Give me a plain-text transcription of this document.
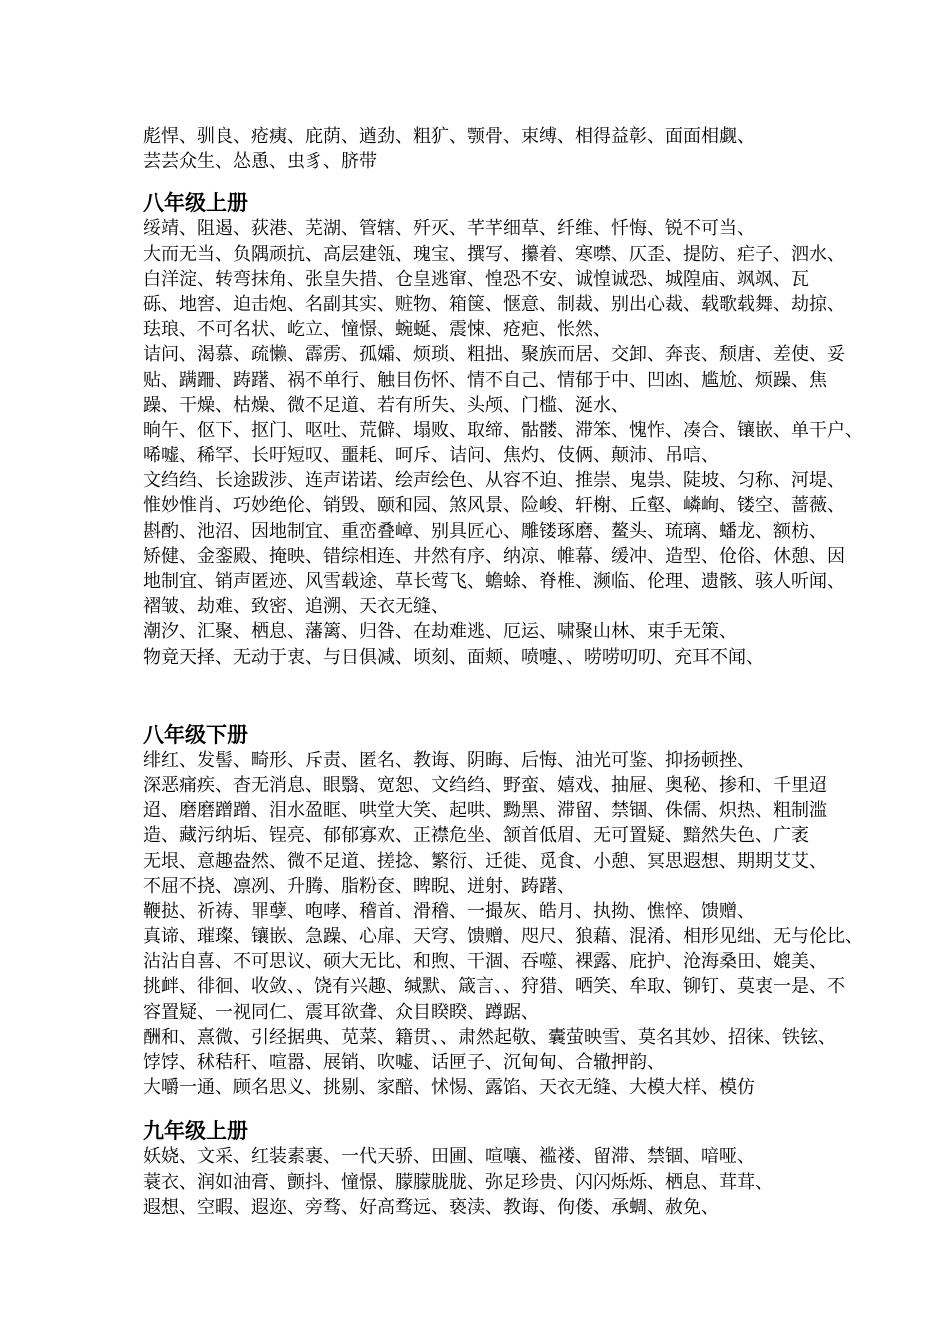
彪悍、驯良、疮痍、庇荫、遒劲、粗犷、颚骨、束缚、相得益彰、面面相觑、
芸芸众生、怂恿、虫豸、脐带
八年级上册
绥靖、阻遏、荻港、芜湖、管辖、歼灭、芊芊细草、纤维、忏悔、锐不可当、
大而无当、负隅顽抗、高层建瓴、瑰宝、撰写、攥着、寒噤、仄歪、提防、疟子、泗水、
白洋淀、转弯抹角、张皇失措、仓皇逃窜、惶恐不安、诚惶诚恐、城隍庙、飒飒、瓦
砾、地窖、迫击炮、名副其实、赃物、箱箧、惬意、制裁、别出心裁、载歌载舞、劫掠、
珐琅、不可名状、屹立、憧憬、蜿蜒、震悚、疮疤、怅然、
诘问、渴慕、疏懒、霹雳、孤孀、烦琐、粗拙、聚族而居、交卸、奔丧、颓唐、差使、妥
贴、蹒跚、踌躇、祸不单行、触目伤怀、情不自己、情郁于中、凹凼、尴尬、烦躁、焦
躁、干燥、枯燥、微不足道、若有所失、头颅、门槛、涎水、
晌午、伛下、抠门、呕吐、荒僻、塌败、取缔、骷髅、滞笨、愧怍、凑合、镶嵌、单干户、
唏嘘、稀罕、长吁短叹、噩耗、呵斥、诘问、焦灼、伎俩、颠沛、吊唁、
文绉绉、长途跋涉、连声诺诺、绘声绘色、从容不迫、推崇、鬼祟、陡坡、匀称、河堤、
惟妙惟肖、巧妙绝伦、销毁、颐和园、煞风景、险峻、轩榭、丘壑、嶙峋、镂空、蔷薇、
斟酌、池沼、因地制宜、重峦叠嶂、别具匠心、雕镂琢磨、鳌头、琉璃、蟠龙、额枋、
矫健、金銮殿、掩映、错综相连、井然有序、纳凉、帷幕、缓冲、造型、伧俗、休憩、因
地制宜、销声匿迹、风雪载途、草长莺飞、蟾蜍、脊椎、濒临、伦理、遗骸、骇人听闻、
褶皱、劫难、致密、追溯、天衣无缝、
潮汐、汇聚、栖息、藩篱、归咎、在劫难逃、厄运、啸聚山林、束手无策、
物竟天择、无动于衷、与日俱减、顷刻、面颊、喷嚏、、唠唠叨叨、充耳不闻、
八年级下册
绯红、发髻、畸形、斥责、匿名、教诲、阴晦、后悔、油光可鉴、抑扬顿挫、
深恶痛疾、杳无消息、眼翳、宽恕、文绉绉、野蛮、嬉戏、抽屉、奥秘、掺和、千里迢
迢、磨磨蹭蹭、泪水盈眶、哄堂大笑、起哄、黝黑、滞留、禁锢、侏儒、炽热、粗制滥
造、藏污纳垢、锃亮、郁郁寡欢、正襟危坐、颔首低眉、无可置疑、黯然失色、广袤
无垠、意趣盎然、微不足道、搓捻、繁衍、迁徙、觅食、小憩、冥思遐想、期期艾艾、
不屈不挠、凛冽、升腾、脂粉奁、睥睨、迸射、踌躇、
鞭挞、祈祷、罪孽、咆哮、稽首、滑稽、一撮灰、皓月、执拗、憔悴、馈赠、
真谛、璀璨、镶嵌、急躁、心扉、天穹、馈赠、咫尺、狼藉、混淆、相形见绌、无与伦比、
沾沾自喜、不可思议、硕大无比、和煦、干涸、吞噬、裸露、庇护、沧海桑田、媲美、
挑衅、徘徊、收敛、、饶有兴趣、缄默、箴言、、狩猎、哂笑、牟取、铆钉、莫衷一是、不
容置疑、一视同仁、震耳欲聋、众目睽睽、蹲踞、
酬和、熹微、引经据典、苋菜、籍贯、、肃然起敬、囊萤映雪、莫名其妙、招徕、铁铉、
饽饽、秫秸秆、喧嚣、展销、吹嘘、话匣子、沉甸甸、合辙押韵、
大嚼一通、顾名思义、挑剔、家醅、怵惕、露馅、天衣无缝、大模大样、模仿
九年级上册
妖娆、文采、红装素裹、一代天骄、田圃、喧嚷、褴褛、留滞、禁锢、喑哑、
蓑衣、润如油膏、颤抖、憧憬、朦朦胧胧、弥足珍贵、闪闪烁烁、栖息、茸茸、
遐想、空暇、遐迩、旁骛、好高骛远、亵渎、教诲、佝偻、承蜩、赦免、
